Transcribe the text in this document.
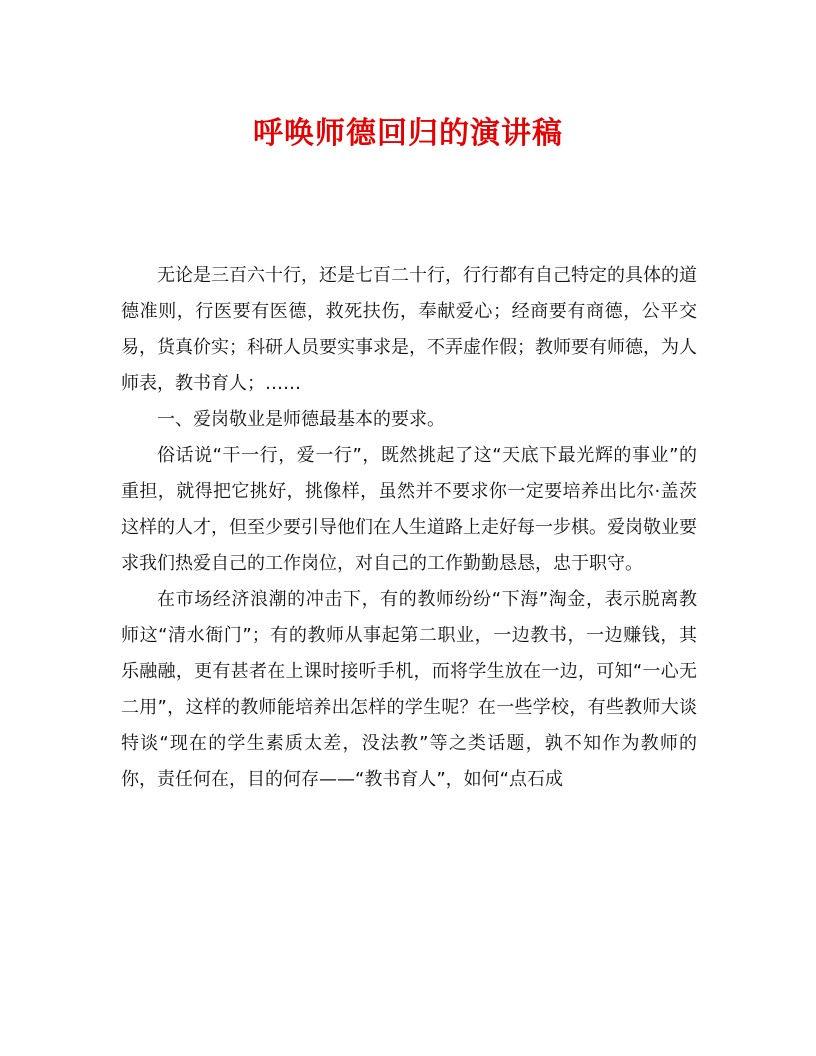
呼唤师德回归的演讲稿

无论是三百六十行，还是七百二十行，行行都有自己特定的具体的道德准则，行医要有医德，救死扶伤，奉献爱心；经商要有商德，公平交易，货真价实；科研人员要实事求是，不弄虚作假；教师要有师德，为人师表，教书育人；……

一、爱岗敬业是师德最基本的要求。

俗话说“干一行，爱一行”，既然挑起了这“天底下最光辉的事业”的重担，就得把它挑好，挑像样，虽然并不要求你一定要培养出比尔·盖茨这样的人才，但至少要引导他们在人生道路上走好每一步棋。爱岗敬业要求我们热爱自己的工作岗位，对自己的工作勤勤恳恳，忠于职守。

在市场经济浪潮的冲击下，有的教师纷纷“下海”淘金，表示脱离教师这“清水衙门”；有的教师从事起第二职业，一边教书，一边赚钱，其乐融融，更有甚者在上课时接听手机，而将学生放在一边，可知“一心无二用”，这样的教师能培养出怎样的学生呢？在一些学校，有些教师大谈特谈“现在的学生素质太差，没法教”等之类话题，孰不知作为教师的你，责任何在，目的何存——“教书育人”，如何“点石成
